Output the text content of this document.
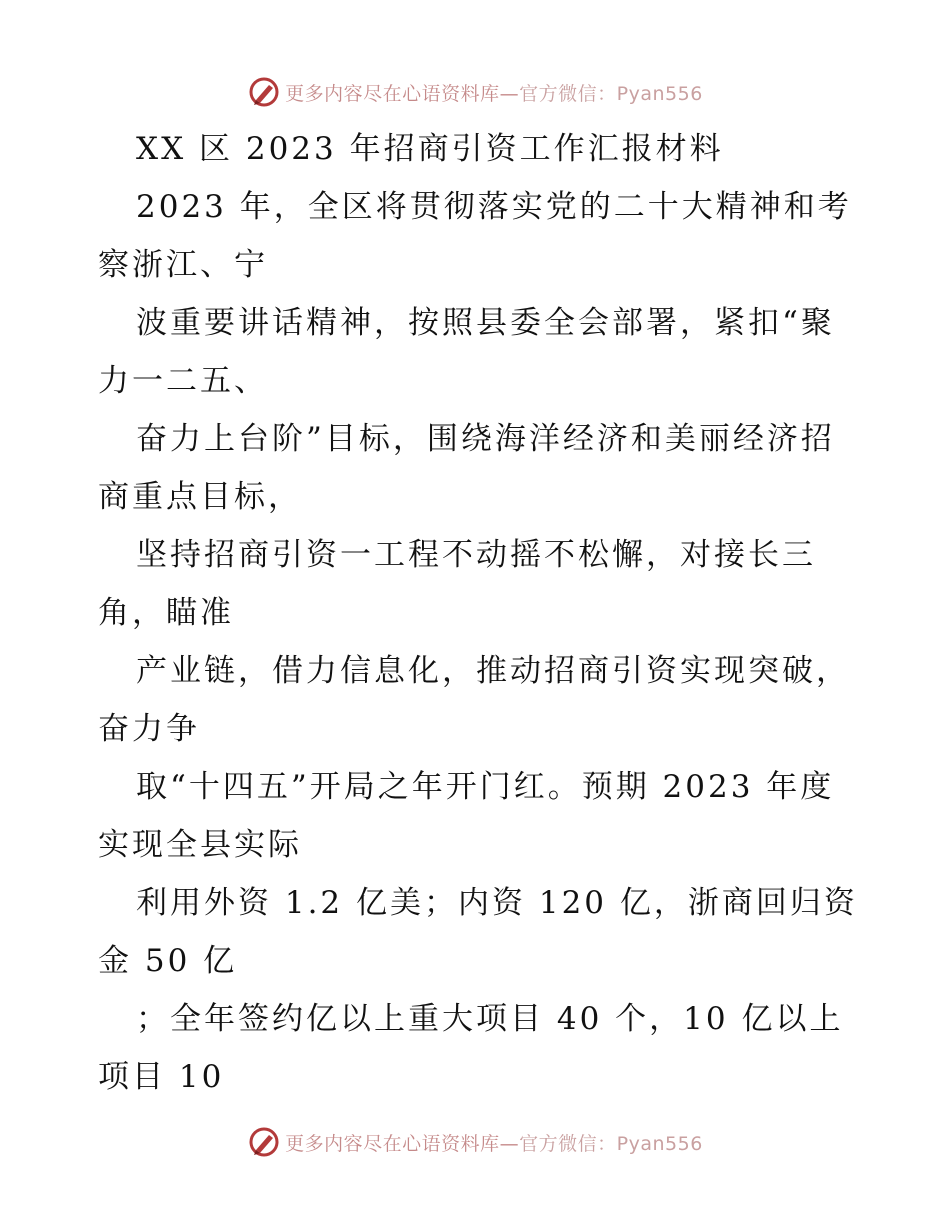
更多内容尽在心语资料库—官方微信：Pyan556
XX 区 2023 年招商引资工作汇报材料
2023 年，全区将贯彻落实党的二十大精神和考
察浙江、宁
波重要讲话精神，按照县委全会部署，紧扣“聚
力一二五、
奋力上台阶”目标，围绕海洋经济和美丽经济招
商重点目标，
坚持招商引资一工程不动摇不松懈，对接长三
角，瞄准
产业链，借力信息化，推动招商引资实现突破，
奋力争
取“十四五”开局之年开门红。预期 2023 年度
实现全县实际
利用外资 1.2 亿美；内资 120 亿，浙商回归资
金 50 亿
；全年签约亿以上重大项目 40 个，10 亿以上
项目 10
更多内容尽在心语资料库—官方微信：Pyan556
